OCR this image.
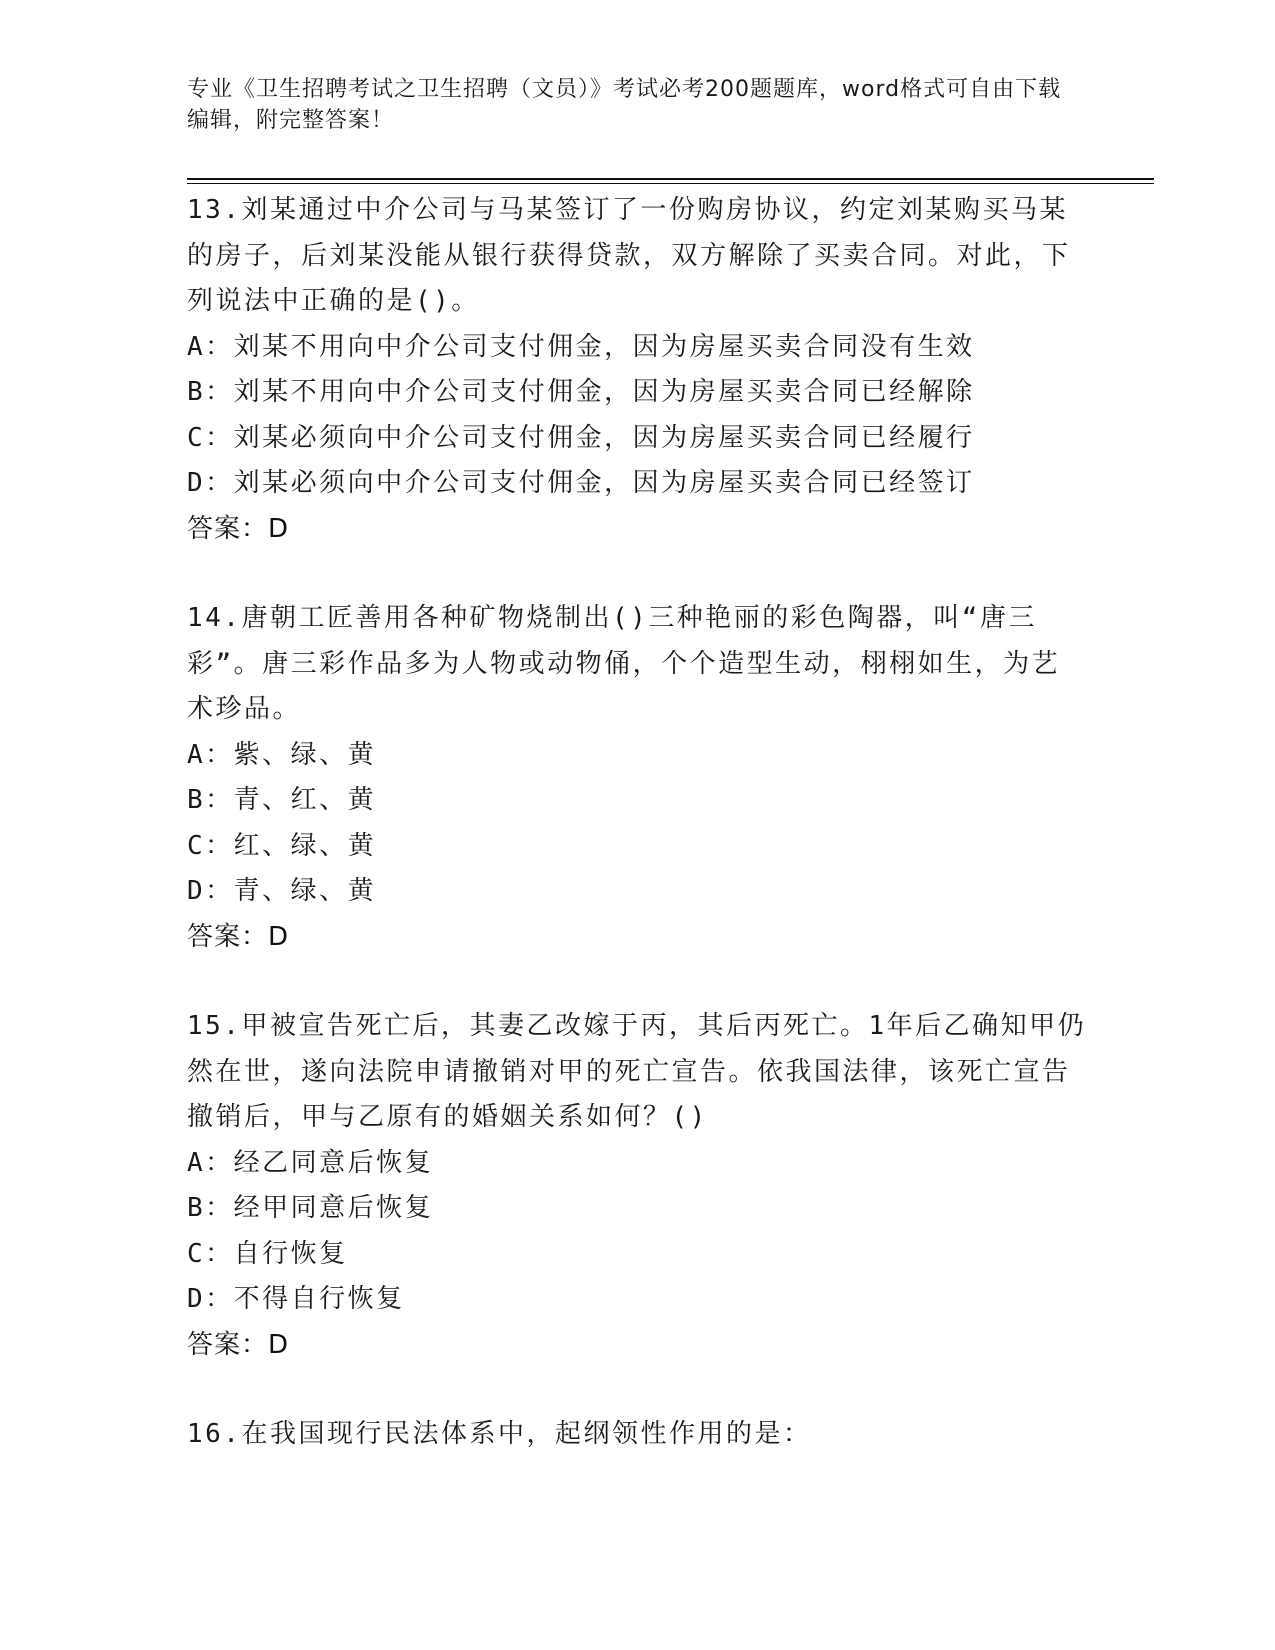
专业《卫生招聘考试之卫生招聘（文员）》考试必考200题题库，word格式可自由下载编辑，附完整答案！
13.刘某通过中介公司与马某签订了一份购房协议，约定刘某购买马某的房子，后刘某没能从银行获得贷款，双方解除了买卖合同。对此，下列说法中正确的是()。
A：刘某不用向中介公司支付佣金，因为房屋买卖合同没有生效
B：刘某不用向中介公司支付佣金，因为房屋买卖合同已经解除
C：刘某必须向中介公司支付佣金，因为房屋买卖合同已经履行
D：刘某必须向中介公司支付佣金，因为房屋买卖合同已经签订
答案：D
14.唐朝工匠善用各种矿物烧制出()三种艳丽的彩色陶器，叫“唐三彩”。唐三彩作品多为人物或动物俑，个个造型生动，栩栩如生，为艺术珍品。
A：紫、绿、黄
B：青、红、黄
C：红、绿、黄
D：青、绿、黄
答案：D
15.甲被宣告死亡后，其妻乙改嫁于丙，其后丙死亡。1年后乙确知甲仍然在世，遂向法院申请撤销对甲的死亡宣告。依我国法律，该死亡宣告撤销后，甲与乙原有的婚姻关系如何？()
A：经乙同意后恢复
B：经甲同意后恢复
C：自行恢复
D：不得自行恢复
答案：D
16.在我国现行民法体系中，起纲领性作用的是：
